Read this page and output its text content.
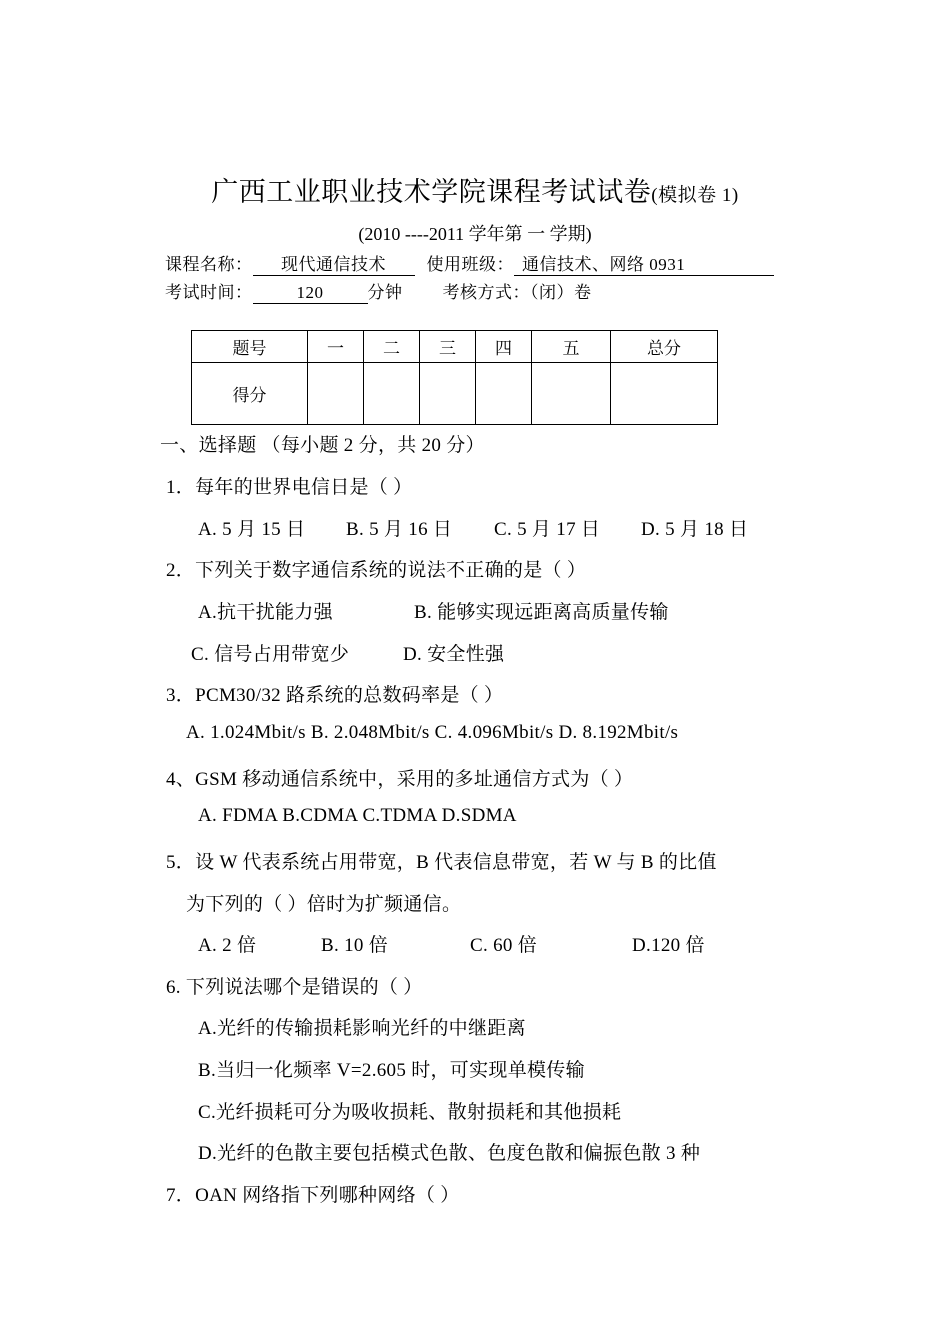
广西工业职业技术学院课程考试试卷(模拟卷 1)
(2010 ----2011 学年第 一 学期)
课程名称： 现代通信技术 使用班级： 通信技术、网络 0931
考试时间：	120	分钟 考核方式：（闭）卷
题号	一	二	三	四	五	总分
得分						
一、选择题 （每小题 2 分，共 20 分）
1．每年的世界电信日是（ ）
A. 5 月 15 日 B. 5 月 16 日 C. 5 月 17 日 D. 5 月 18 日
2．下列关于数字通信系统的说法不正确的是（ ）
A.抗干扰能力强	B. 能够实现远距离高质量传输
C. 信号占用带宽少	D. 安全性强
3．PCM30/32 路系统的总数码率是（ ）
A. 1.024Mbit/s B. 2.048Mbit/s C. 4.096Mbit/s D. 8.192Mbit/s
4、GSM 移动通信系统中，采用的多址通信方式为（ ）
A. FDMA B.CDMA C.TDMA D.SDMA
5．设 W 代表系统占用带宽，B 代表信息带宽，若 W 与 B 的比值
为下列的（ ）倍时为扩频通信。
A. 2 倍	B. 10 倍	C. 60 倍	D.120 倍
6. 下列说法哪个是错误的（ ）
A.光纤的传输损耗影响光纤的中继距离
B.当归一化频率 V=2.605 时，可实现单模传输
C.光纤损耗可分为吸收损耗、散射损耗和其他损耗
D.光纤的色散主要包括模式色散、色度色散和偏振色散 3 种
7．OAN 网络指下列哪种网络（ ）
